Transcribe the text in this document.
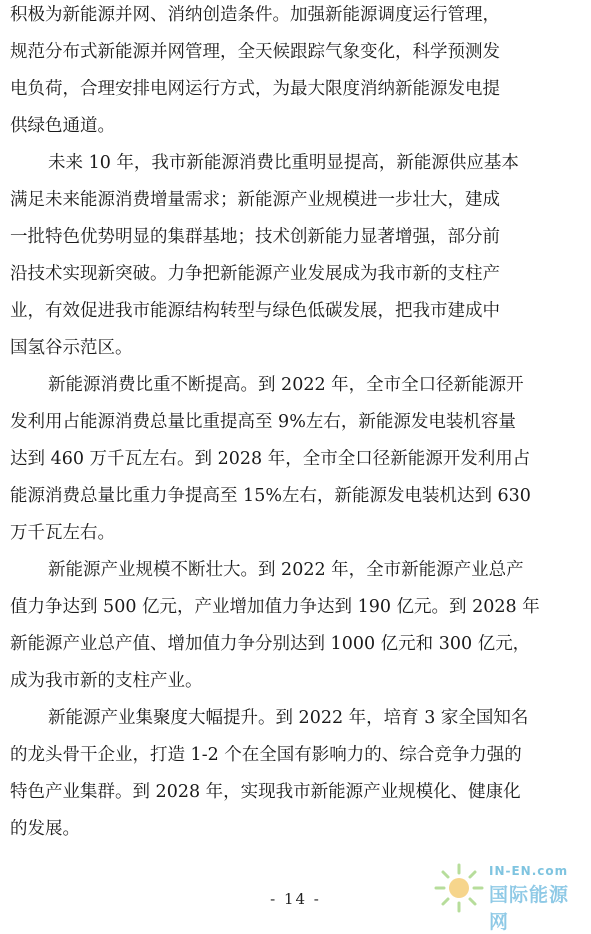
积极为新能源并网、消纳创造条件。加强新能源调度运行管理，
规范分布式新能源并网管理，全天候跟踪气象变化，科学预测发
电负荷，合理安排电网运行方式，为最大限度消纳新能源发电提
供绿色通道。
未来 10 年，我市新能源消费比重明显提高，新能源供应基本
满足未来能源消费增量需求；新能源产业规模进一步壮大，建成
一批特色优势明显的集群基地；技术创新能力显著增强，部分前
沿技术实现新突破。力争把新能源产业发展成为我市新的支柱产
业，有效促进我市能源结构转型与绿色低碳发展，把我市建成中
国氢谷示范区。
新能源消费比重不断提高。到 2022 年，全市全口径新能源开
发利用占能源消费总量比重提高至 9%左右，新能源发电装机容量
达到 460 万千瓦左右。到 2028 年，全市全口径新能源开发利用占
能源消费总量比重力争提高至 15%左右，新能源发电装机达到 630
万千瓦左右。
新能源产业规模不断壮大。到 2022 年，全市新能源产业总产
值力争达到 500 亿元，产业增加值力争达到 190 亿元。到 2028 年
新能源产业总产值、增加值力争分别达到 1000 亿元和 300 亿元，
成为我市新的支柱产业。
新能源产业集聚度大幅提升。到 2022 年，培育 3 家全国知名
的龙头骨干企业，打造 1-2 个在全国有影响力的、综合竞争力强的
特色产业集群。到 2028 年，实现我市新能源产业规模化、健康化
的发展。
IN-EN.com
国际能源网
- 14 -
